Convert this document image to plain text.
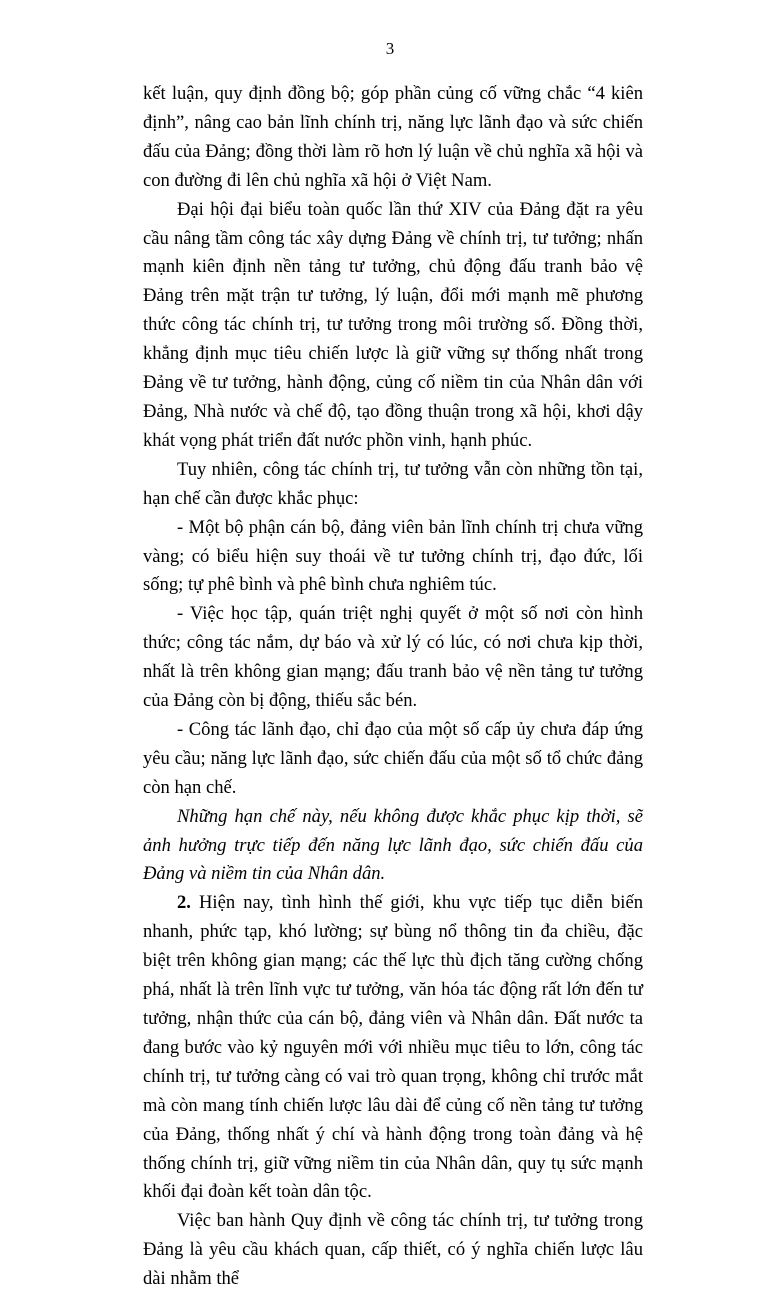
3

kết luận, quy định đồng bộ; góp phần củng cố vững chắc “4 kiên định”, nâng cao bản lĩnh chính trị, năng lực lãnh đạo và sức chiến đấu của Đảng; đồng thời làm rõ hơn lý luận về chủ nghĩa xã hội và con đường đi lên chủ nghĩa xã hội ở Việt Nam.

Đại hội đại biểu toàn quốc lần thứ XIV của Đảng đặt ra yêu cầu nâng tầm công tác xây dựng Đảng về chính trị, tư tưởng; nhấn mạnh kiên định nền tảng tư tưởng, chủ động đấu tranh bảo vệ Đảng trên mặt trận tư tưởng, lý luận, đổi mới mạnh mẽ phương thức công tác chính trị, tư tưởng trong môi trường số. Đồng thời, khẳng định mục tiêu chiến lược là giữ vững sự thống nhất trong Đảng về tư tưởng, hành động, củng cố niềm tin của Nhân dân với Đảng, Nhà nước và chế độ, tạo đồng thuận trong xã hội, khơi dậy khát vọng phát triển đất nước phồn vinh, hạnh phúc.

Tuy nhiên, công tác chính trị, tư tưởng vẫn còn những tồn tại, hạn chế cần được khắc phục:

- Một bộ phận cán bộ, đảng viên bản lĩnh chính trị chưa vững vàng; có biểu hiện suy thoái về tư tưởng chính trị, đạo đức, lối sống; tự phê bình và phê bình chưa nghiêm túc.

- Việc học tập, quán triệt nghị quyết ở một số nơi còn hình thức; công tác nắm, dự báo và xử lý có lúc, có nơi chưa kịp thời, nhất là trên không gian mạng; đấu tranh bảo vệ nền tảng tư tưởng của Đảng còn bị động, thiếu sắc bén.

- Công tác lãnh đạo, chỉ đạo của một số cấp ủy chưa đáp ứng yêu cầu; năng lực lãnh đạo, sức chiến đấu của một số tổ chức đảng còn hạn chế.

Những hạn chế này, nếu không được khắc phục kịp thời, sẽ ảnh hưởng trực tiếp đến năng lực lãnh đạo, sức chiến đấu của Đảng và niềm tin của Nhân dân.

2. Hiện nay, tình hình thế giới, khu vực tiếp tục diễn biến nhanh, phức tạp, khó lường; sự bùng nổ thông tin đa chiều, đặc biệt trên không gian mạng; các thế lực thù địch tăng cường chống phá, nhất là trên lĩnh vực tư tưởng, văn hóa tác động rất lớn đến tư tưởng, nhận thức của cán bộ, đảng viên và Nhân dân. Đất nước ta đang bước vào kỷ nguyên mới với nhiều mục tiêu to lớn, công tác chính trị, tư tưởng càng có vai trò quan trọng, không chỉ trước mắt mà còn mang tính chiến lược lâu dài để củng cố nền tảng tư tưởng của Đảng, thống nhất ý chí và hành động trong toàn đảng và hệ thống chính trị, giữ vững niềm tin của Nhân dân, quy tụ sức mạnh khối đại đoàn kết toàn dân tộc.

Việc ban hành Quy định về công tác chính trị, tư tưởng trong Đảng là yêu cầu khách quan, cấp thiết, có ý nghĩa chiến lược lâu dài nhằm thể
